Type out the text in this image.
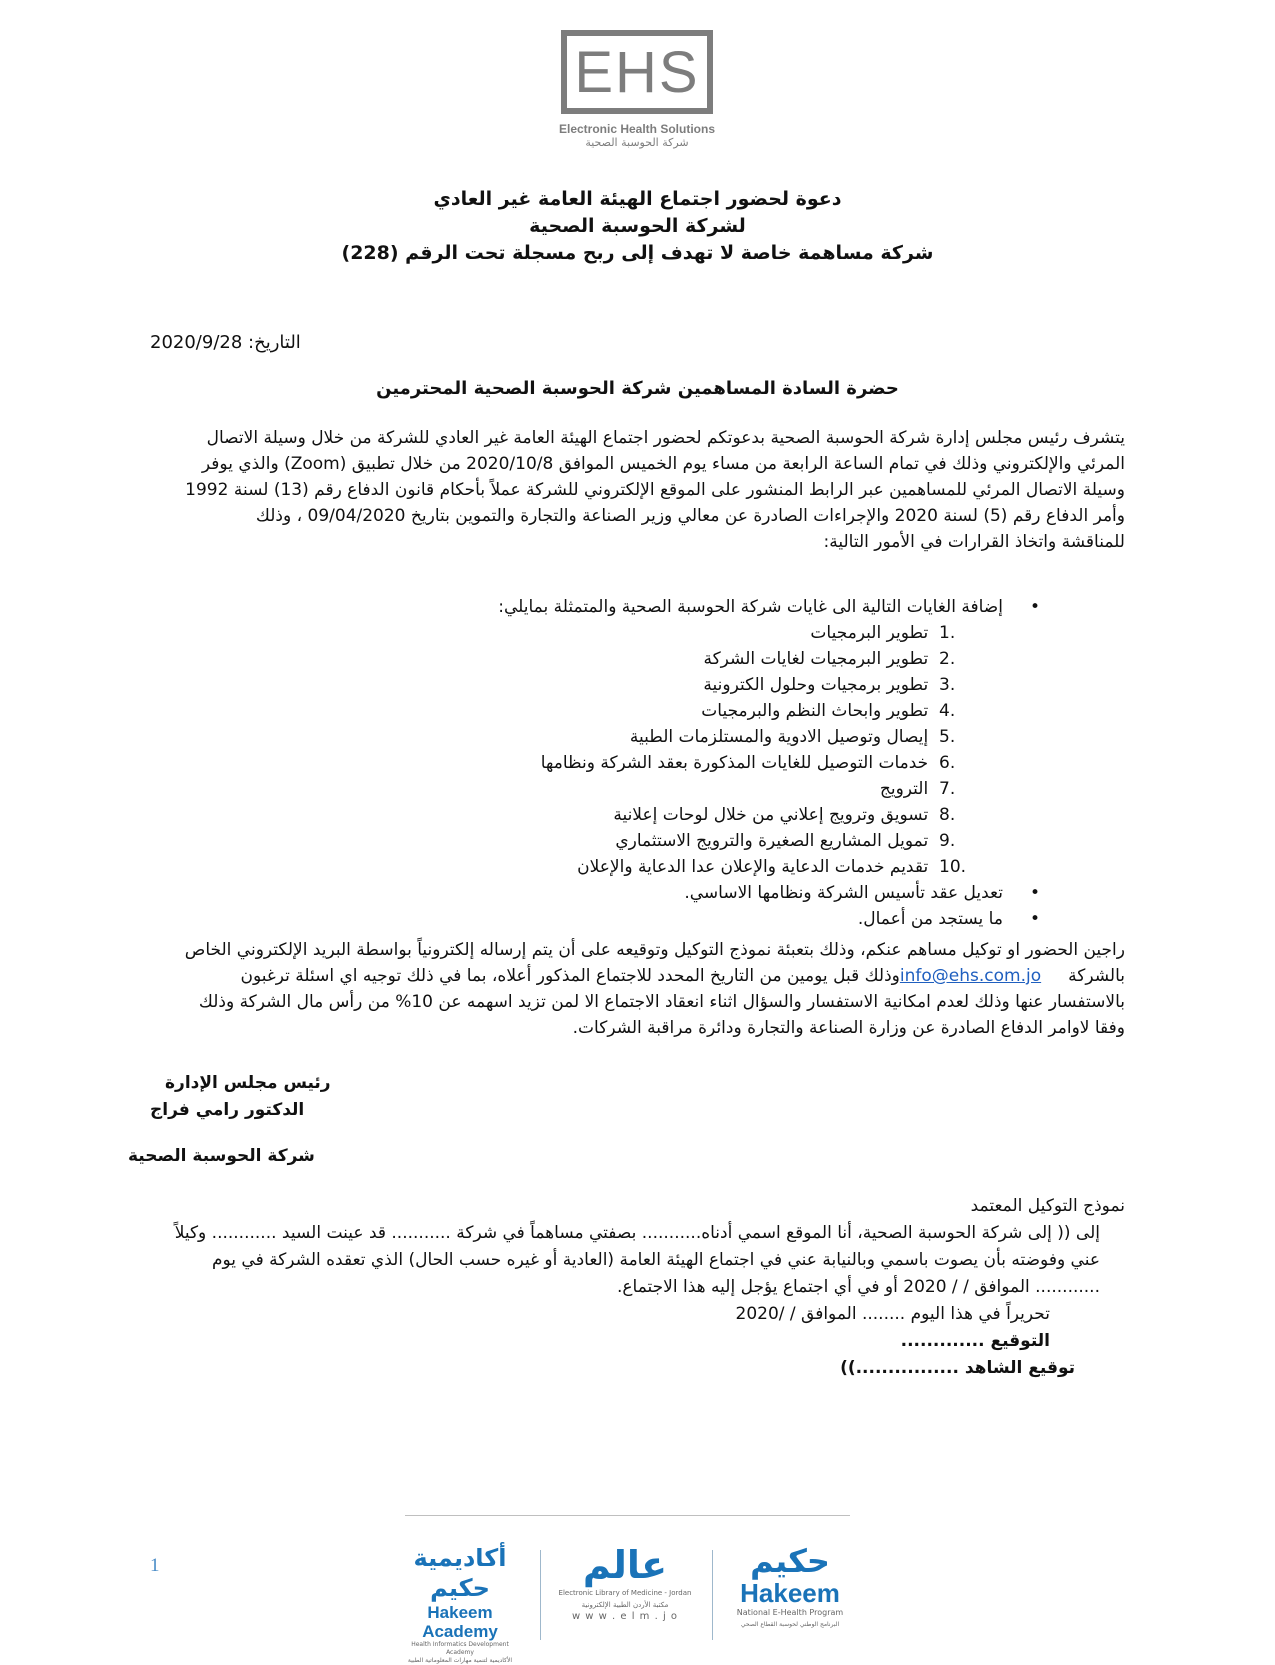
EHS
Electronic Health Solutions
شركة الحوسبة الصحية
دعوة لحضور اجتماع الهيئة العامة غير العادي
لشركة الحوسبة الصحية
شركة مساهمة خاصة لا تهدف إلى ربح مسجلة تحت الرقم (228)
التاريخ: 2020/9/28
حضرة السادة المساهمين شركة الحوسبة الصحية المحترمين
يتشرف رئيس مجلس إدارة شركة الحوسبة الصحية بدعوتكم لحضور اجتماع الهيئة العامة غير العادي للشركة من خلال وسيلة الاتصال
المرئي والإلكتروني وذلك في تمام الساعة الرابعة من مساء يوم الخميس الموافق 2020/10/8 من خلال تطبيق (Zoom) والذي يوفر
وسيلة الاتصال المرئي للمساهمين عبر الرابط المنشور على الموقع الإلكتروني للشركة عملاً بأحكام قانون الدفاع رقم (13) لسنة 1992
وأمر الدفاع رقم (5) لسنة 2020 والإجراءات الصادرة عن معالي وزير الصناعة والتجارة والتموين بتاريخ 09/04/2020 ، وذلك
للمناقشة واتخاذ القرارات في الأمور التالية:
•     إضافة الغايات التالية الى غايات شركة الحوسبة الصحية والمتمثلة بمايلي:
1.  تطوير البرمجيات
2.  تطوير البرمجيات لغايات الشركة
3.  تطوير برمجيات وحلول الكترونية
4.  تطوير وابحاث النظم والبرمجيات
5.  إيصال وتوصيل الادوية والمستلزمات الطبية
6.  خدمات التوصيل للغايات المذكورة بعقد الشركة ونظامها
7.  الترويج
8.  تسويق وترويج إعلاني من خلال لوحات إعلانية
9.  تمويل المشاريع الصغيرة والترويج الاستثماري
10.  تقديم خدمات الدعاية والإعلان عدا الدعاية والإعلان
•     تعديل عقد تأسيس الشركة ونظامها الاساسي.
•     ما يستجد من أعمال.
راجين الحضور او توكيل مساهم عنكم، وذلك بتعبئة نموذج التوكيل وتوقيعه على أن يتم إرساله إلكترونياً بواسطة البريد الإلكتروني الخاص
بالشركة     info@ehs.com.joوذلك قبل يومين من التاريخ المحدد للاجتماع المذكور أعلاه، بما في ذلك توجيه اي اسئلة ترغبون
بالاستفسار عنها وذلك لعدم امكانية الاستفسار والسؤال اثناء انعقاد الاجتماع الا لمن تزيد اسهمه عن 10% من رأس مال الشركة وذلك
وفقا لاوامر الدفاع الصادرة عن وزارة الصناعة والتجارة ودائرة مراقبة الشركات.
رئيس مجلس الإدارة
الدكتور رامي فراج
شركة الحوسبة الصحية
نموذج التوكيل المعتمد
إلى (( إلى شركة الحوسبة الصحية، أنا الموقع اسمي أدناه........... بصفتي مساهماً في شركة ........... قد عينت السيد ............ وكيلاً
عني وفوضته بأن يصوت باسمي وبالنيابة عني في اجتماع الهيئة العامة (العادية أو غيره حسب الحال) الذي تعقده الشركة في يوم
............ الموافق / / 2020 أو في أي اجتماع يؤجل إليه هذا الاجتماع.
تحريراً في هذا اليوم ........ الموافق / /2020
التوقيع .............
توقيع الشاهد ................))
1	أكاديمية حكيم
Hakeem Academy
Health Informatics Development Academy
الأكاديمية لتنمية مهارات المعلوماتية الطبية
عالم
Electronic Library of Medicine - Jordan
مكتبة الأردن الطبية الإلكترونية
w w w . e l m . j o
حكيم
Hakeem
National E-Health Program
البرنامج الوطني لحوسبة القطاع الصحي
